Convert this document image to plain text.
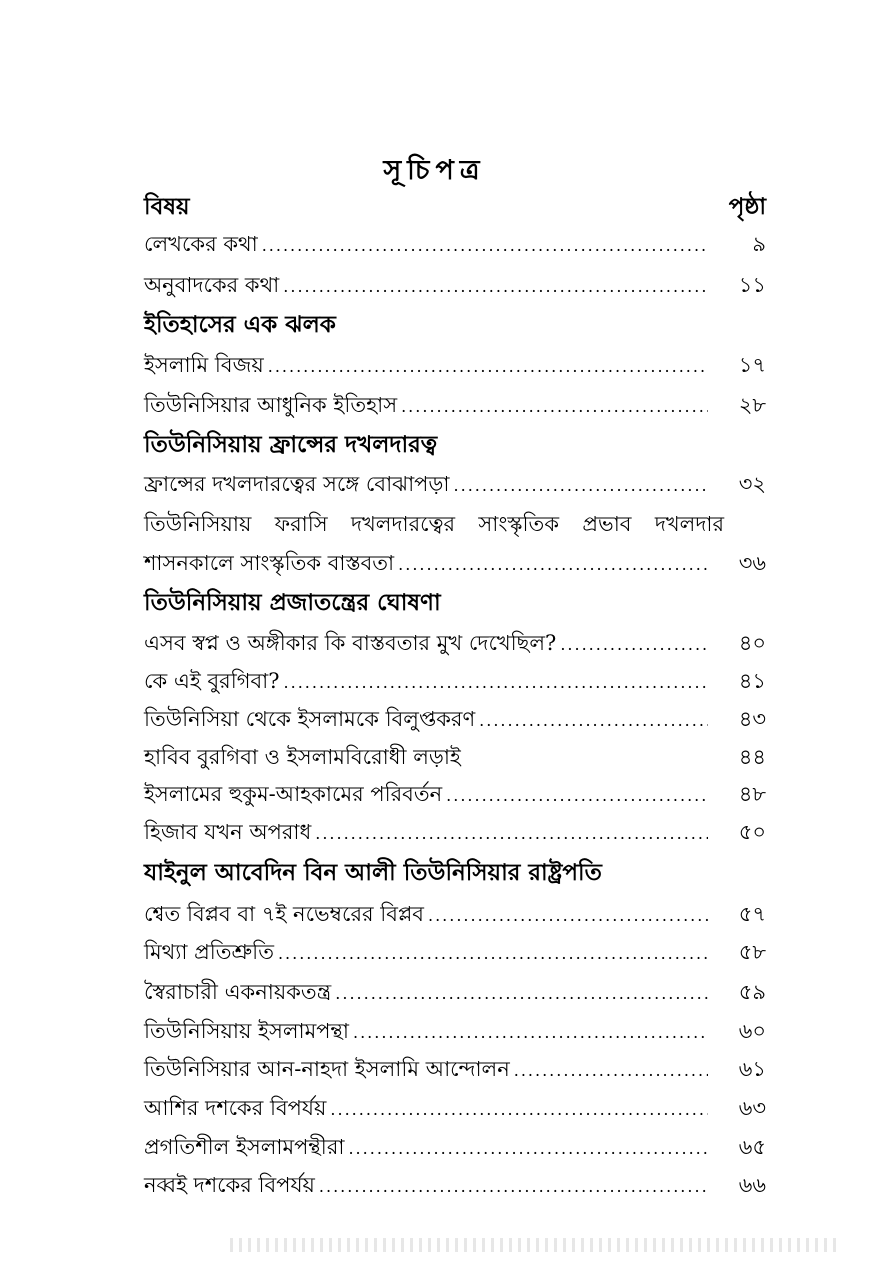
সূচিপত্র
বিষয়	পৃষ্ঠা
লেখকের কথা .....	৯
অনুবাদকের কথা .....	১১
ইতিহাসের এক ঝলক
ইসলামি বিজয় .....	১৭
তিউনিসিয়ার আধুনিক ইতিহাস .....	২৮
তিউনিসিয়ায় ফ্রান্সের দখলদারত্ব
ফ্রান্সের দখলদারত্বের সঙ্গে বোঝাপড়া .....	৩২
তিউনিসিয়ায় ফরাসি দখলদারত্বের সাংস্কৃতিক প্রভাব দখলদার
শাসনকালে সাংস্কৃতিক বাস্তবতা .....	৩৬
তিউনিসিয়ায় প্রজাতন্ত্রের ঘোষণা
এসব স্বপ্ন ও অঙ্গীকার কি বাস্তবতার মুখ দেখেছিল? .....	৪০
কে এই বুরগিবা? .....	৪১
তিউনিসিয়া থেকে ইসলামকে বিলুপ্তকরণ .....	৪৩
হাবিব বুরগিবা ও ইসলামবিরোধী লড়াই	৪৪
ইসলামের হুকুম-আহকামের পরিবর্তন .....	৪৮
হিজাব যখন অপরাধ .....	৫০
যাইনুল আবেদিন বিন আলী তিউনিসিয়ার রাষ্ট্রপতি
শ্বেত বিপ্লব বা ৭ই নভেম্বরের বিপ্লব .....	৫৭
মিথ্যা প্রতিশ্রুতি .....	৫৮
স্বৈরাচারী একনায়কতন্ত্র .....	৫৯
তিউনিসিয়ায় ইসলামপন্থা .....	৬০
তিউনিসিয়ার আন-নাহদা ইসলামি আন্দোলন .....	৬১
আশির দশকের বিপর্যয় .....	৬৩
প্রগতিশীল ইসলামপন্থীরা .....	৬৫
নব্বই দশকের বিপর্যয় .....	৬৬
